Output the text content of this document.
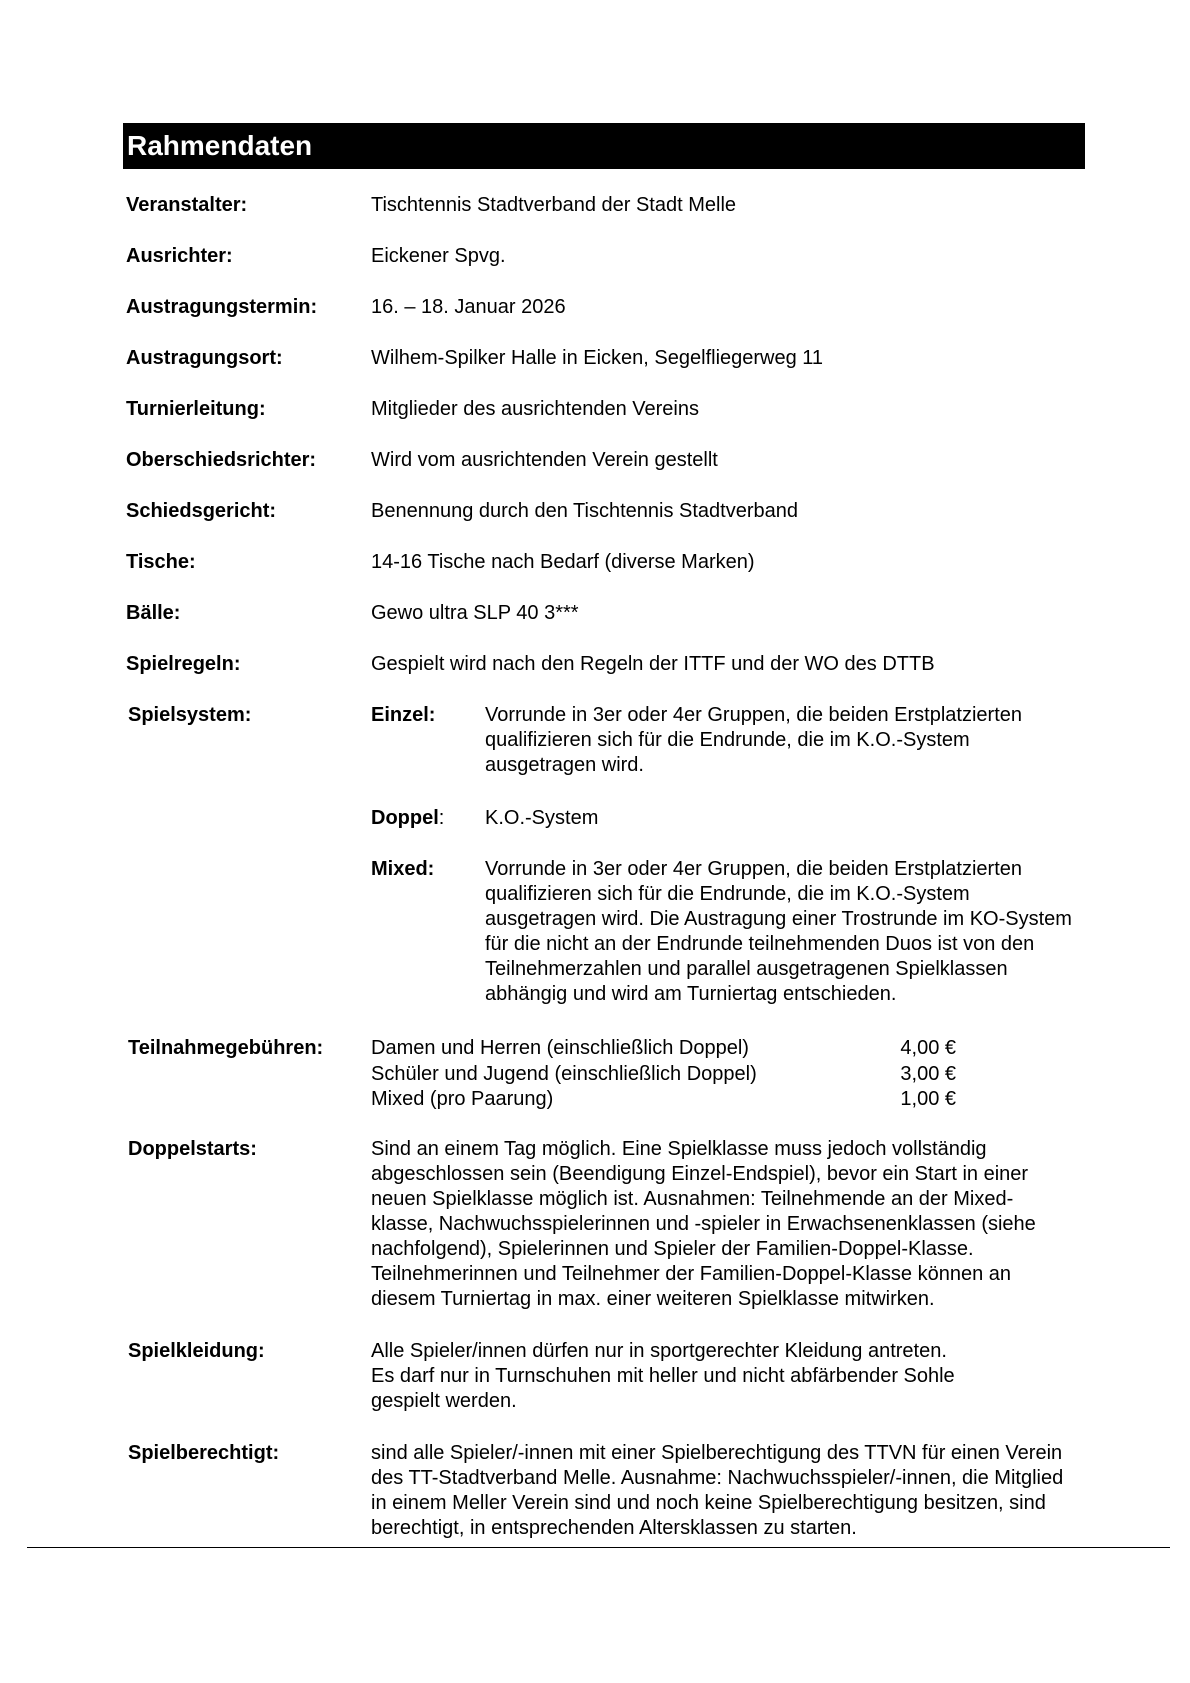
Rahmendaten
Veranstalter:	Tischtennis Stadtverband der Stadt Melle
Ausrichter:	Eickener Spvg.
Austragungstermin:	16. – 18. Januar 2026
Austragungsort:	Wilhem-Spilker Halle in Eicken, Segelfliegerweg 11
Turnierleitung:	Mitglieder des ausrichtenden Vereins
Oberschiedsrichter:	Wird vom ausrichtenden Verein gestellt
Schiedsgericht:	Benennung durch den Tischtennis Stadtverband
Tische:	14-16 Tische nach Bedarf (diverse Marken)
Bälle:	Gewo ultra SLP 40 3***
Spielregeln:	Gespielt wird nach den Regeln der ITTF und der WO des DTTB
Spielsystem:	Einzel: Vorrunde in 3er oder 4er Gruppen, die beiden Erstplatzierten qualifizieren sich für die Endrunde, die im K.O.-System ausgetragen wird.
Doppel: K.O.-System
Mixed:	Vorrunde in 3er oder 4er Gruppen, die beiden Erstplatzierten qualifizieren sich für die Endrunde, die im K.O.-System ausgetragen wird. Die Austragung einer Trostrunde im KO-System für die nicht an der Endrunde teilnehmenden Duos ist von den Teilnehmerzahlen und parallel ausgetragenen Spielklassen abhängig und wird am Turniertag entschieden.
Teilnahmegebühren: Damen und Herren (einschließlich Doppel)	4,00 €
Schüler und Jugend (einschließlich Doppel)	3,00 €
Mixed (pro Paarung)	1,00 €
Doppelstarts:	Sind an einem Tag möglich. Eine Spielklasse muss jedoch vollständig abgeschlossen sein (Beendigung Einzel-Endspiel), bevor ein Start in einer neuen Spielklasse möglich ist. Ausnahmen: Teilnehmende an der Mixed-klasse, Nachwuchsspielerinnen und -spieler in Erwachsenenklassen (siehe nachfolgend), Spielerinnen und Spieler der Familien-Doppel-Klasse. Teilnehmerinnen und Teilnehmer der Familien-Doppel-Klasse können an diesem Turniertag in max. einer weiteren Spielklasse mitwirken.
Spielkleidung:	Alle Spieler/innen dürfen nur in sportgerechter Kleidung antreten.
Es darf nur in Turnschuhen mit heller und nicht abfärbender Sohle gespielt werden.
Spielberechtigt:	sind alle Spieler/-innen mit einer Spielberechtigung des TTVN für einen Verein des TT-Stadtverband Melle. Ausnahme: Nachwuchsspieler/-innen, die Mitglied in einem Meller Verein sind und noch keine Spielberechtigung besitzen, sind berechtigt, in entsprechenden Altersklassen zu starten.
